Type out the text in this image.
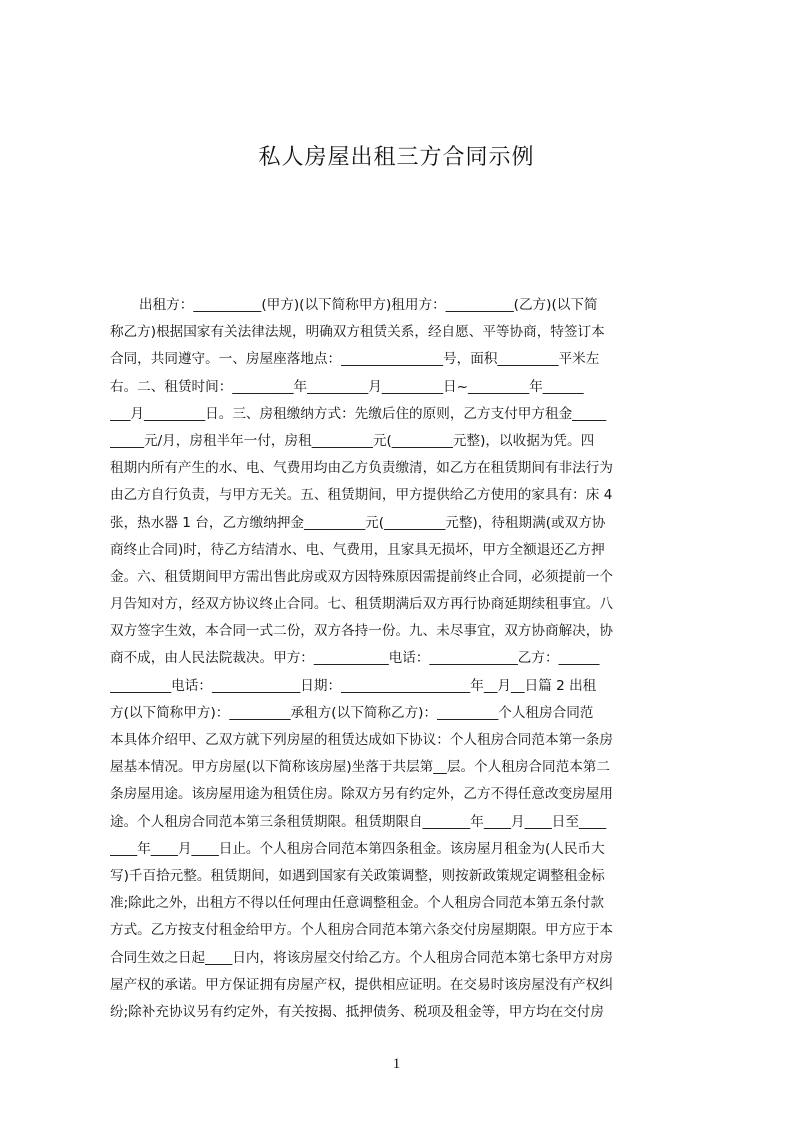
私人房屋出租三方合同示例
出租方：__________(甲方)(以下简称甲方)租用方：__________(乙方)(以下简
称乙方)根据国家有关法律法规，明确双方租赁关系，经自愿、平等协商，特签订本
合同，共同遵守。一、房屋座落地点：_______________号，面积_________平米左
右。二、租赁时间：_________年_________月_________日~_________年______
___月_________日。三、房租缴纳方式：先缴后住的原则，乙方支付甲方租金_____
_____元/月，房租半年一付，房租_________元(_________元整)，以收据为凭。四
租期内所有产生的水、电、气费用均由乙方负责缴清，如乙方在租赁期间有非法行为
由乙方自行负责，与甲方无关。五、租赁期间，甲方提供给乙方使用的家具有：床 4
张，热水器 1 台，乙方缴纳押金_________元(_________元整)，待租期满(或双方协
商终止合同)时，待乙方结清水、电、气费用，且家具无损坏，甲方全额退还乙方押
金。六、租赁期间甲方需出售此房或双方因特殊原因需提前终止合同，必须提前一个
月告知对方，经双方协议终止合同。七、租赁期满后双方再行协商延期续租事宜。八
双方签字生效，本合同一式二份，双方各持一份。九、未尽事宜，双方协商解决，协
商不成，由人民法院裁决。甲方：___________电话：_____________乙方：______
_________电话：_____________日期：___________________年__月__日篇 2 出租
方(以下简称甲方)：_________承租方(以下简称乙方)：_________个人租房合同范
本具体介绍甲、乙双方就下列房屋的租赁达成如下协议：个人租房合同范本第一条房
屋基本情况。甲方房屋(以下简称该房屋)坐落于共层第__层。个人租房合同范本第二
条房屋用途。该房屋用途为租赁住房。除双方另有约定外，乙方不得任意改变房屋用
途。个人租房合同范本第三条租赁期限。租赁期限自_______年____月____日至____
____年____月____日止。个人租房合同范本第四条租金。该房屋月租金为(人民币大
写)千百拾元整。租赁期间，如遇到国家有关政策调整，则按新政策规定调整租金标
准;除此之外，出租方不得以任何理由任意调整租金。个人租房合同范本第五条付款
方式。乙方按支付租金给甲方。个人租房合同范本第六条交付房屋期限。甲方应于本
合同生效之日起____日内，将该房屋交付给乙方。个人租房合同范本第七条甲方对房
屋产权的承诺。甲方保证拥有房屋产权，提供相应证明。在交易时该房屋没有产权纠
纷;除补充协议另有约定外，有关按揭、抵押债务、税项及租金等，甲方均在交付房
1
